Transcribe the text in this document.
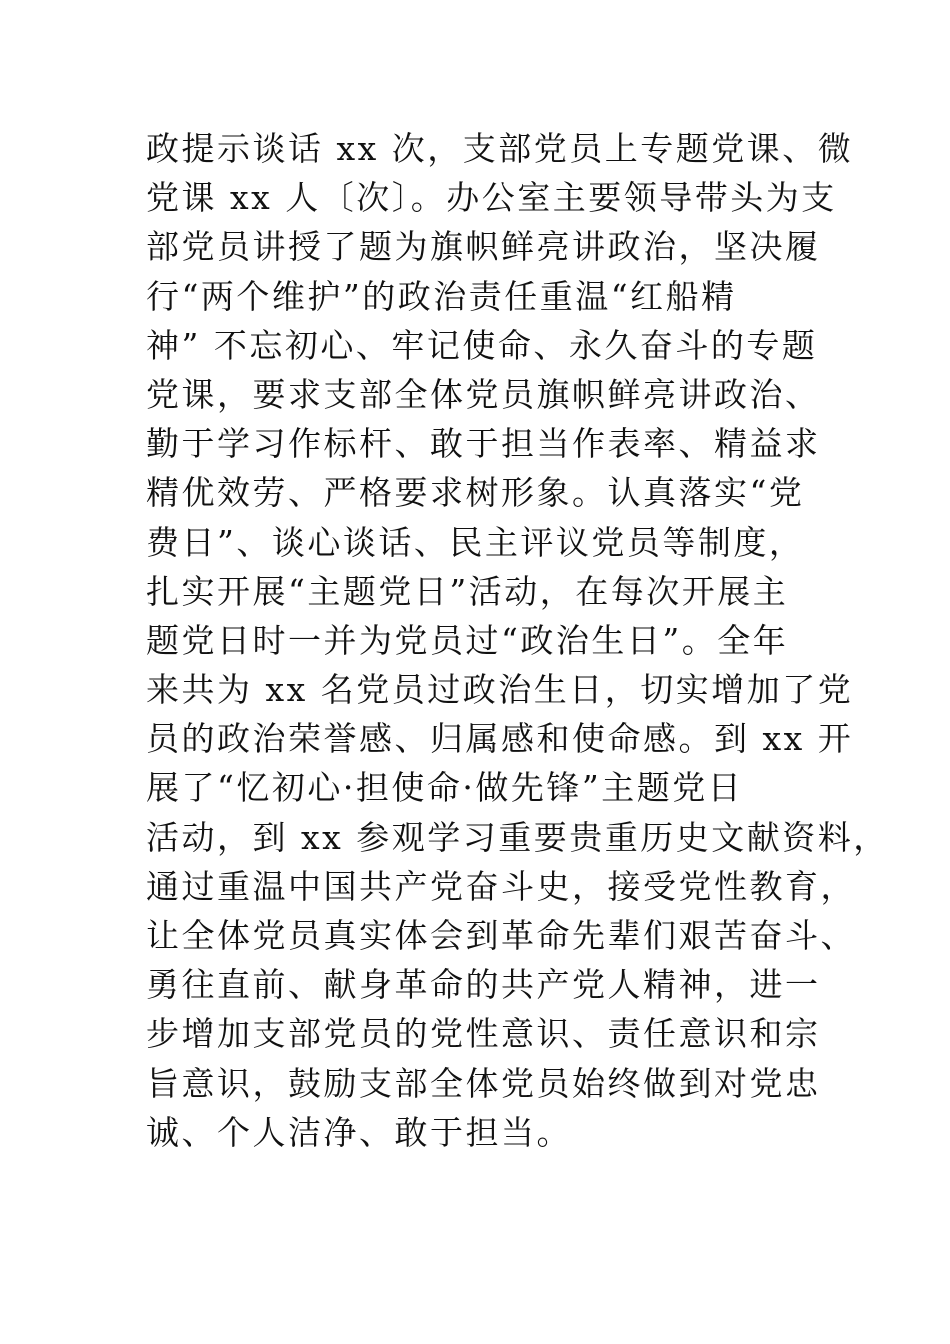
政提示谈话 xx 次，支部党员上专题党课、微
党课 xx 人〔次〕。办公室主要领导带头为支
部党员讲授了题为旗帜鲜亮讲政治，坚决履
行“两个维护”的政治责任重温“红船精
神” 不忘初心、牢记使命、永久奋斗的专题
党课，要求支部全体党员旗帜鲜亮讲政治、
勤于学习作标杆、敢于担当作表率、精益求
精优效劳、严格要求树形象。认真落实“党
费日”、谈心谈话、民主评议党员等制度，
扎实开展“主题党日”活动，在每次开展主
题党日时一并为党员过“政治生日”。全年
来共为 xx 名党员过政治生日，切实增加了党
员的政治荣誉感、归属感和使命感。到 xx 开
展了“忆初心·担使命·做先锋”主题党日
活动，到 xx 参观学习重要贵重历史文献资料，
通过重温中国共产党奋斗史，接受党性教育，
让全体党员真实体会到革命先辈们艰苦奋斗、
勇往直前、献身革命的共产党人精神，进一
步增加支部党员的党性意识、责任意识和宗
旨意识，鼓励支部全体党员始终做到对党忠
诚、个人洁净、敢于担当。
